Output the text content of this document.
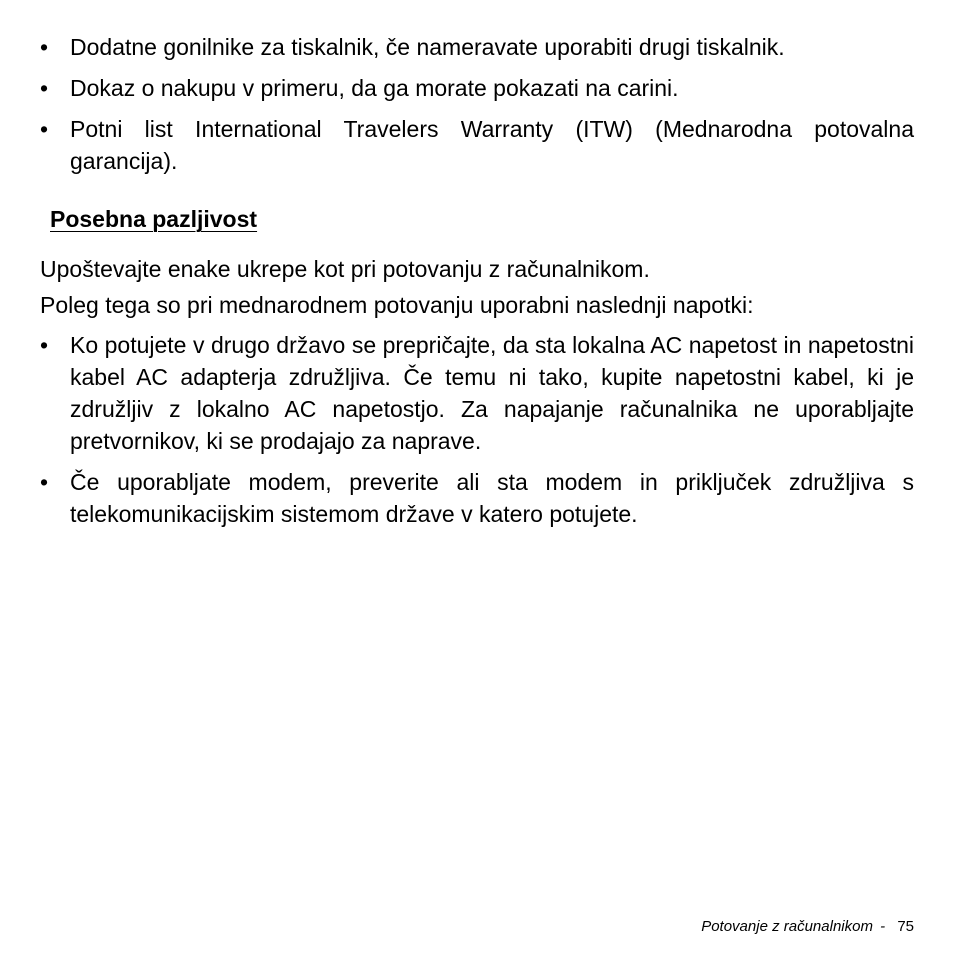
• Dodatne gonilnike za tiskalnik, če nameravate uporabiti drugi tiskalnik.
• Dokaz o nakupu v primeru, da ga morate pokazati na carini.
• Potni list International Travelers Warranty (ITW) (Mednarodna potovalna garancija).
Posebna pazljivost

Upoštevajte enake ukrepe kot pri potovanju z računalnikom.

Poleg tega so pri mednarodnem potovanju uporabni naslednji napotki:

• Ko potujete v drugo državo se prepričajte, da sta lokalna AC napetost in napetostni kabel AC adapterja združljiva. Če temu ni tako, kupite napetostni kabel, ki je združljiv z lokalno AC napetostjo. Za napajanje računalnika ne uporabljajte pretvornikov, ki se prodajajo za naprave.
• Če uporabljate modem, preverite ali sta modem in priključek združljiva s telekomunikacijskim sistemom države v katero potujete.
Potovanje z računalnikom - 75
